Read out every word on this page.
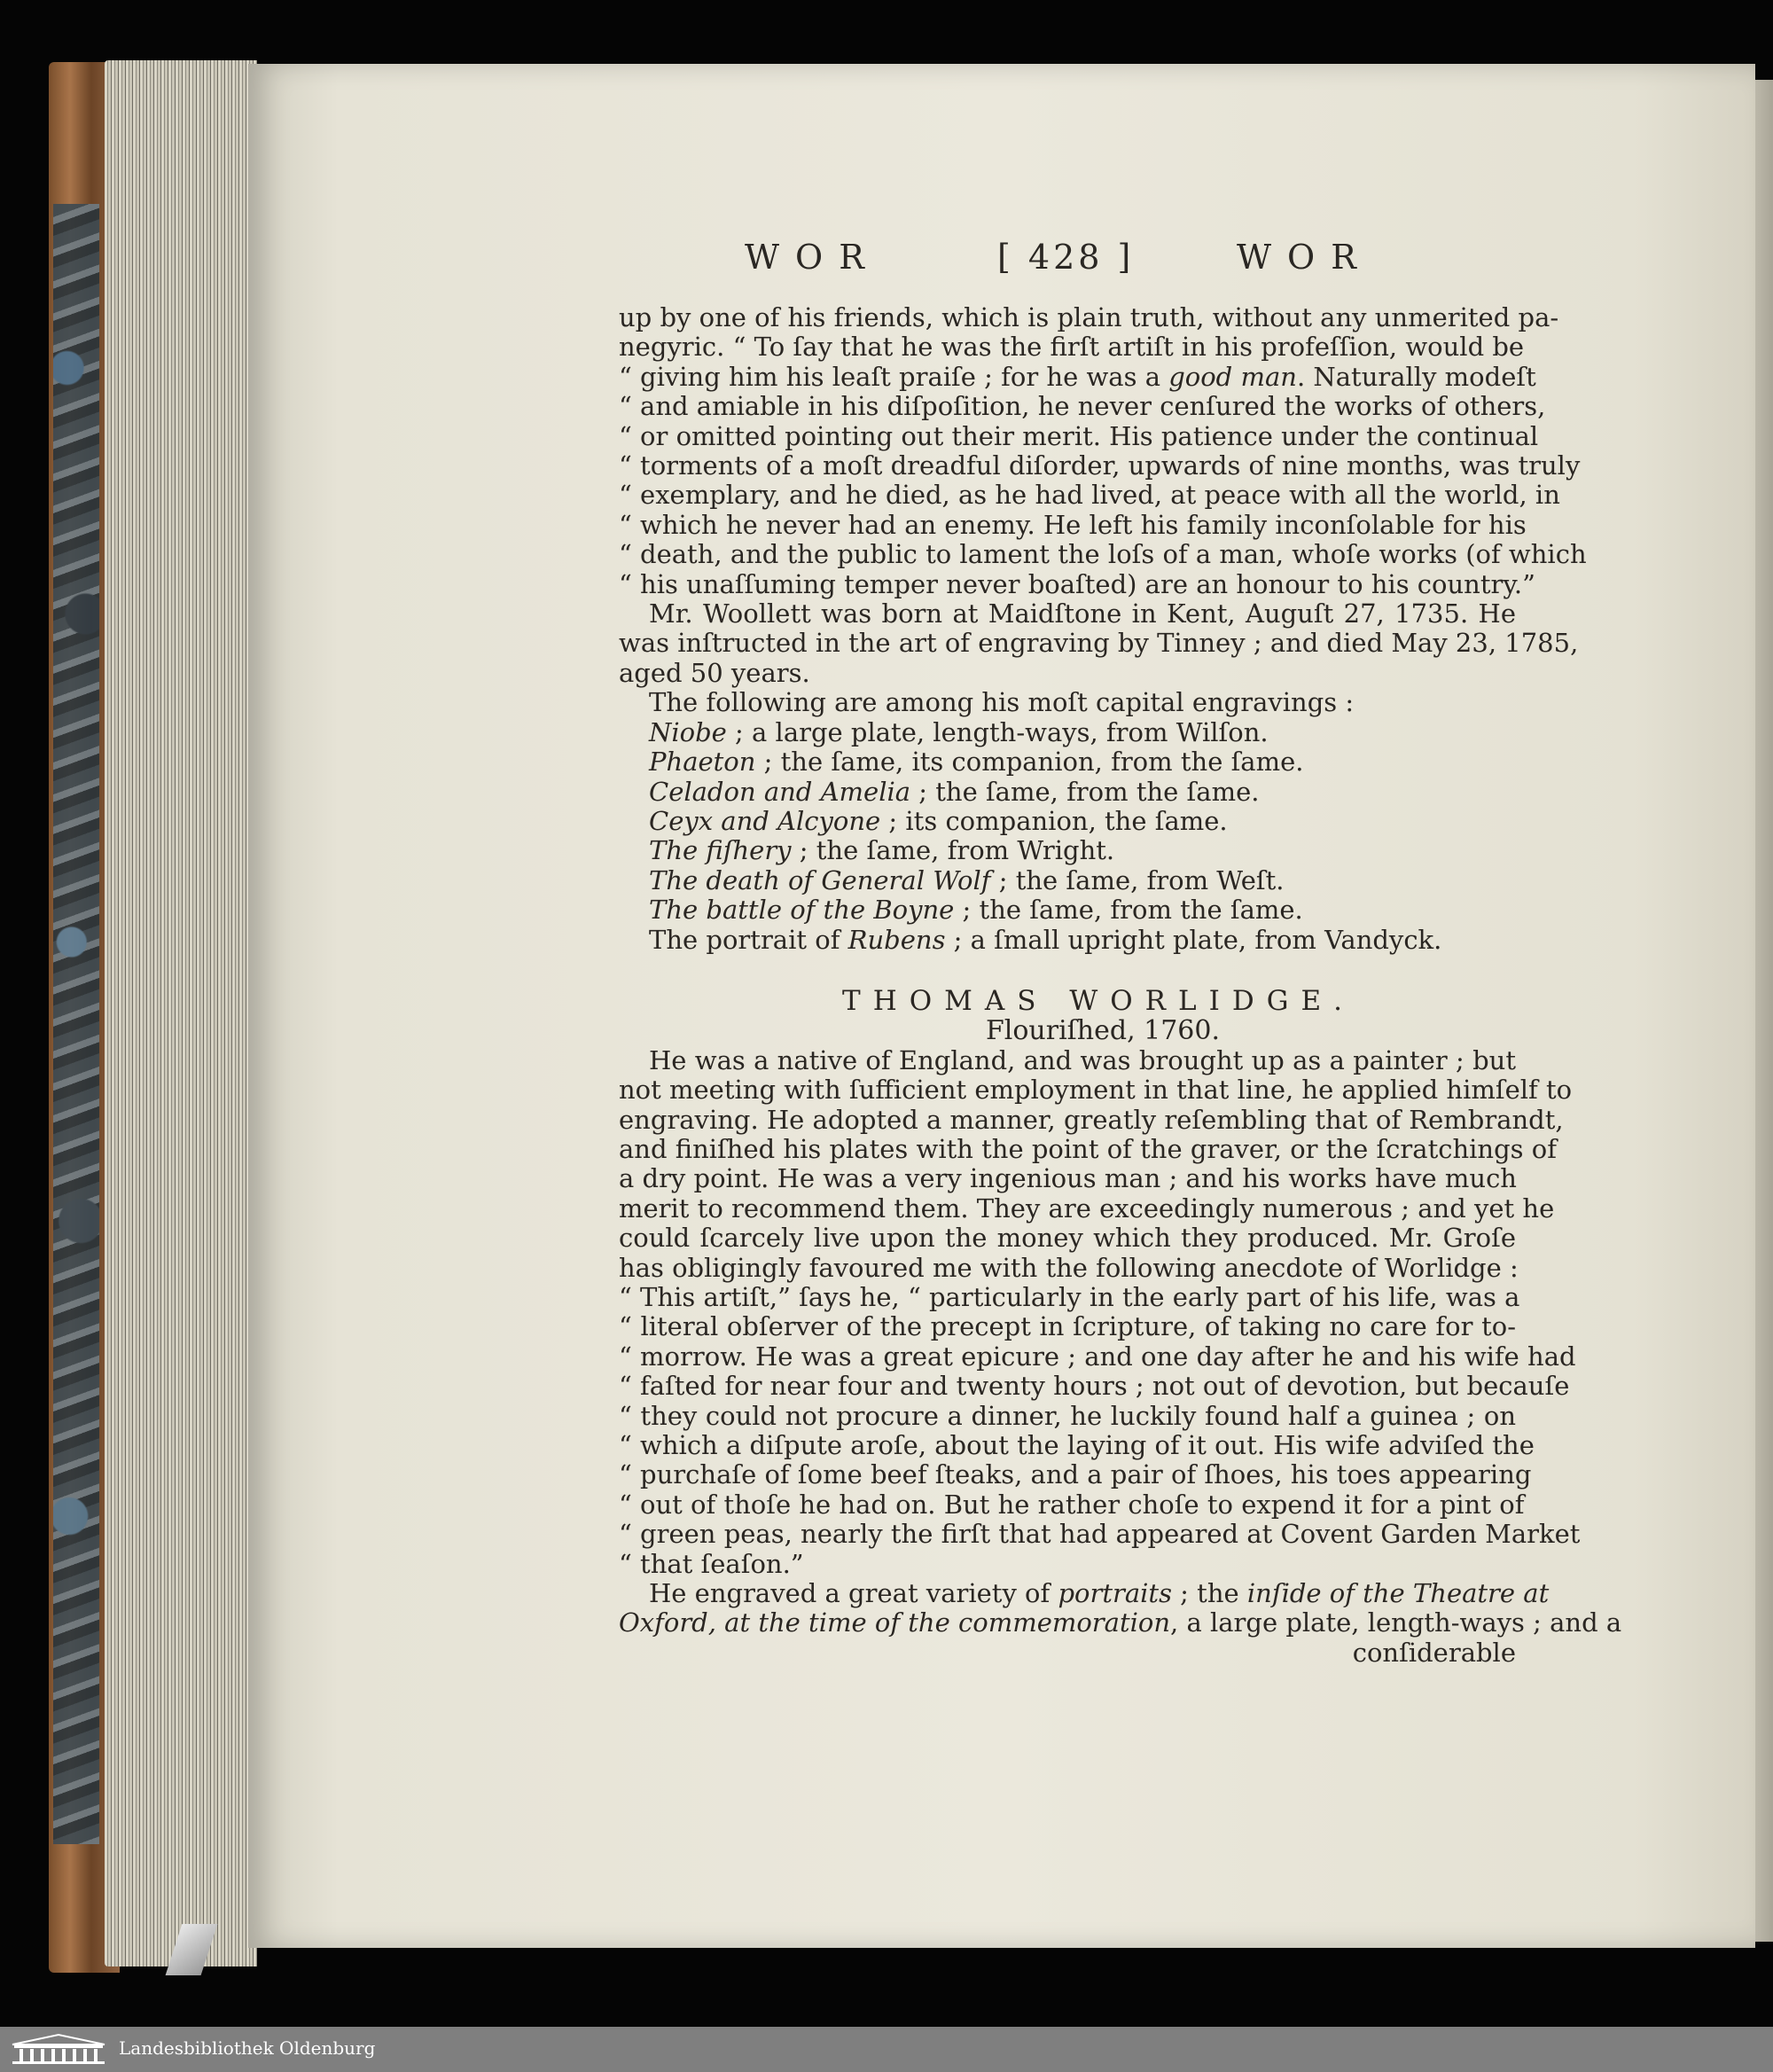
WOR	[ 428 ]	WOR
up by one of his friends, which is plain truth, without any unmerited pa-
negyric. “ To ſay that he was the firſt artiſt in his profeſſion, would be
“ giving him his leaſt praiſe ; for he was a good man. Naturally modeſt
“ and amiable in his diſpoſition, he never cenſured the works of others,
“ or omitted pointing out their merit. His patience under the continual
“ torments of a moſt dreadful diſorder, upwards of nine months, was truly
“ exemplary, and he died, as he had lived, at peace with all the world, in
“ which he never had an enemy. He left his family inconſolable for his
“ death, and the public to lament the loſs of a man, whoſe works (of which
“ his unaſſuming temper never boaſted) are an honour to his country.”
Mr. Woollett was born at Maidſtone in Kent, Auguſt 27, 1735. He
was inſtructed in the art of engraving by Tinney ; and died May 23, 1785,
aged 50 years.
The following are among his moſt capital engravings :
Niobe ; a large plate, length-ways, from Wilſon.
Phaeton ; the ſame, its companion, from the ſame.
Celadon and Amelia ; the ſame, from the ſame.
Ceyx and Alcyone ; its companion, the ſame.
The fiſhery ; the ſame, from Wright.
The death of General Wolf ; the ſame, from Weſt.
The battle of the Boyne ; the ſame, from the ſame.
The portrait of Rubens ; a ſmall upright plate, from Vandyck.
THOMAS WORLIDGE.
Flouriſhed, 1760.
He was a native of England, and was brought up as a painter ; but
not meeting with ſufficient employment in that line, he applied himſelf to
engraving. He adopted a manner, greatly reſembling that of Rembrandt,
and finiſhed his plates with the point of the graver, or the ſcratchings of
a dry point. He was a very ingenious man ; and his works have much
merit to recommend them. They are exceedingly numerous ; and yet he
could ſcarcely live upon the money which they produced. Mr. Groſe
has obligingly favoured me with the following anecdote of Worlidge :
“ This artiſt,” ſays he, “ particularly in the early part of his life, was a
“ literal obſerver of the precept in ſcripture, of taking no care for to-
“ morrow. He was a great epicure ; and one day after he and his wife had
“ faſted for near four and twenty hours ; not out of devotion, but becauſe
“ they could not procure a dinner, he luckily found half a guinea ; on
“ which a diſpute aroſe, about the laying of it out. His wife adviſed the
“ purchaſe of ſome beef ſteaks, and a pair of ſhoes, his toes appearing
“ out of thoſe he had on. But he rather choſe to expend it for a pint of
“ green peas, nearly the firſt that had appeared at Covent Garden Market
“ that ſeaſon.”
He engraved a great variety of portraits ; the inſide of the Theatre at
Oxford, at the time of the commemoration, a large plate, length-ways ; and a
conſiderable
Landesbibliothek Oldenburg
